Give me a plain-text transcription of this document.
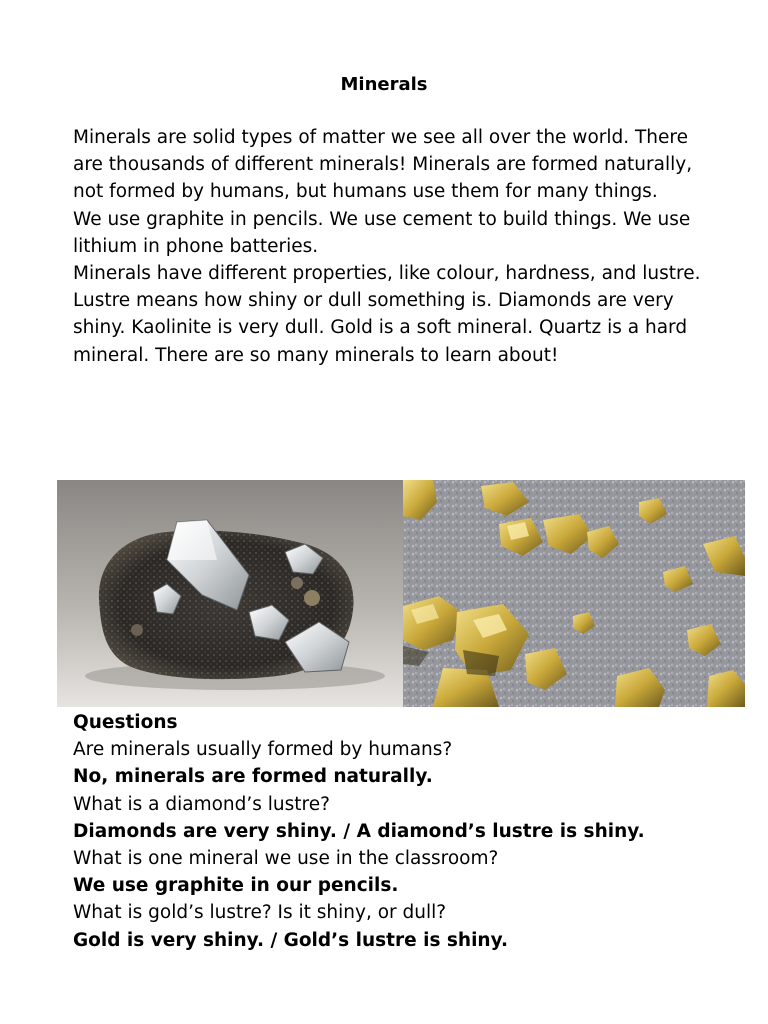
Minerals

Minerals are solid types of matter we see all over the world. There are thousands of different minerals! Minerals are formed naturally, not formed by humans, but humans use them for many things.

We use graphite in pencils. We use cement to build things. We use lithium in phone batteries.

Minerals have different properties, like colour, hardness, and lustre. Lustre means how shiny or dull something is. Diamonds are very shiny. Kaolinite is very dull. Gold is a soft mineral. Quartz is a hard mineral. There are so many minerals to learn about!

Questions

Are minerals usually formed by humans?

No, minerals are formed naturally.

What is a diamond’s lustre?

Diamonds are very shiny. / A diamond’s lustre is shiny.

What is one mineral we use in the classroom?

We use graphite in our pencils.

What is gold’s lustre? Is it shiny, or dull?

Gold is very shiny. / Gold’s lustre is shiny.
